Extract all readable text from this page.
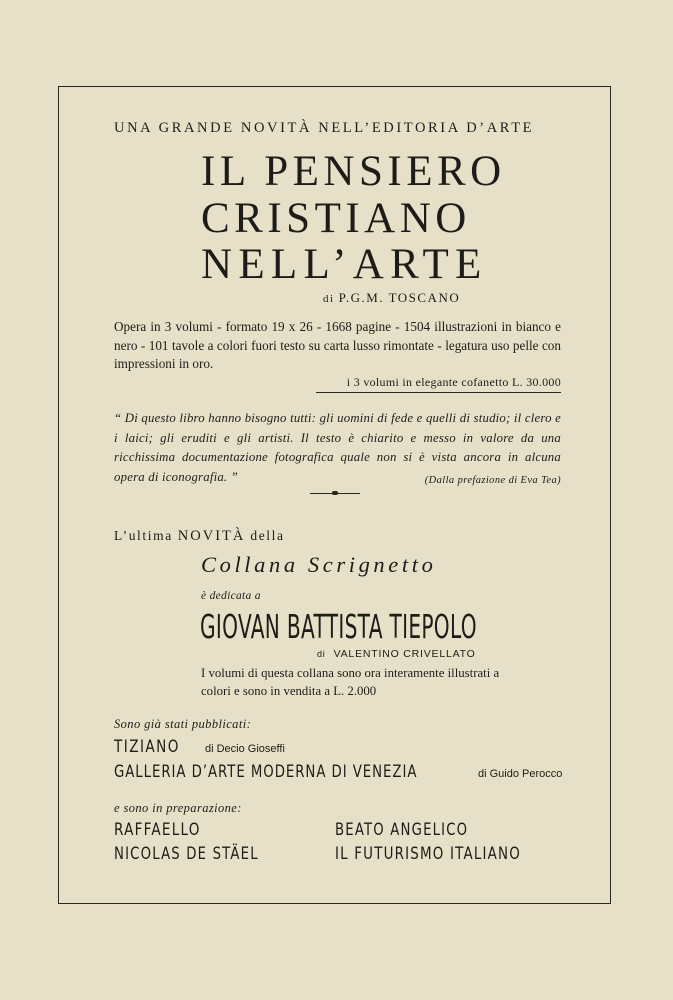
UNA GRANDE NOVITÀ NELL’EDITORIA D’ARTE
IL PENSIERO
CRISTIANO
NELL’ARTE
di P.G.M. TOSCANO
Opera in 3 volumi - formato 19 x 26 - 1668 pagine - 1504 illustrazioni in bianco e nero - 101 tavole a colori fuori testo su carta lusso rimontate - legatura uso pelle con impressioni in oro.
i 3 volumi in elegante cofanetto L. 30.000
“ Di questo libro hanno bisogno tutti: gli uomini di fede e quelli di studio; il clero e i laici; gli eruditi e gli artisti. Il testo è chiarito e messo in valore da una ricchissima documentazione fotografica quale non si è vista ancora in alcuna opera di iconografia. ”	(Dalla prefazione di Eva Tea)
L’ultima NOVITÀ della
Collana Scrignetto
è dedicata a
GIOVAN BATTISTA TIEPOLO
di VALENTINO CRIVELLATO
I volumi di questa collana sono ora interamente illustrati a colori e sono in vendita a L. 2.000
Sono già stati pubblicati:
TIZIANO di Decio Gioseffi
GALLERIA D’ARTE MODERNA DI VENEZIA	di Guido Perocco
e sono in preparazione:
RAFFAELLO
NICOLAS DE STÄEL
BEATO ANGELICO
IL FUTURISMO ITALIANO
